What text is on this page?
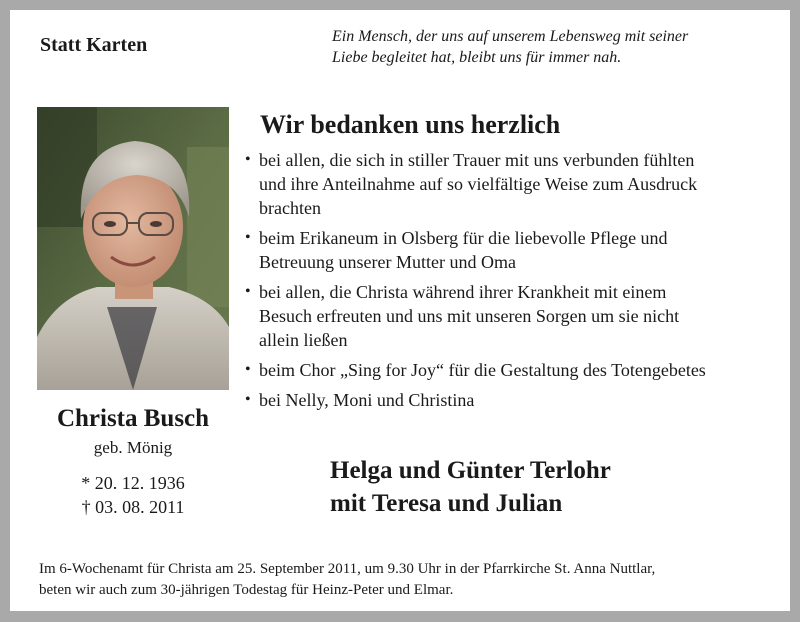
Statt Karten	Ein Mensch, der uns auf unserem Lebensweg mit seiner
Liebe begleitet hat, bleibt uns für immer nah.
Christa Busch
geb. Mönig
* 20. 12. 1936
† 03. 08. 2011
Wir bedanken uns herzlich
• bei allen, die sich in stiller Trauer mit uns verbunden fühlten
und ihre Anteilnahme auf so vielfältige Weise zum Ausdruck
brachten
• beim Erikaneum in Olsberg für die liebevolle Pflege und
Betreuung unserer Mutter und Oma
• bei allen, die Christa während ihrer Krankheit mit einem
Besuch erfreuten und uns mit unseren Sorgen um sie nicht
allein ließen
• beim Chor „Sing for Joy“ für die Gestaltung des Totengebetes
• bei Nelly, Moni und Christina
Helga und Günter Terlohr
mit Teresa und Julian
Im 6-Wochenamt für Christa am 25. September 2011, um 9.30 Uhr in der Pfarrkirche St. Anna Nuttlar,
beten wir auch zum 30-jährigen Todestag für Heinz-Peter und Elmar.
